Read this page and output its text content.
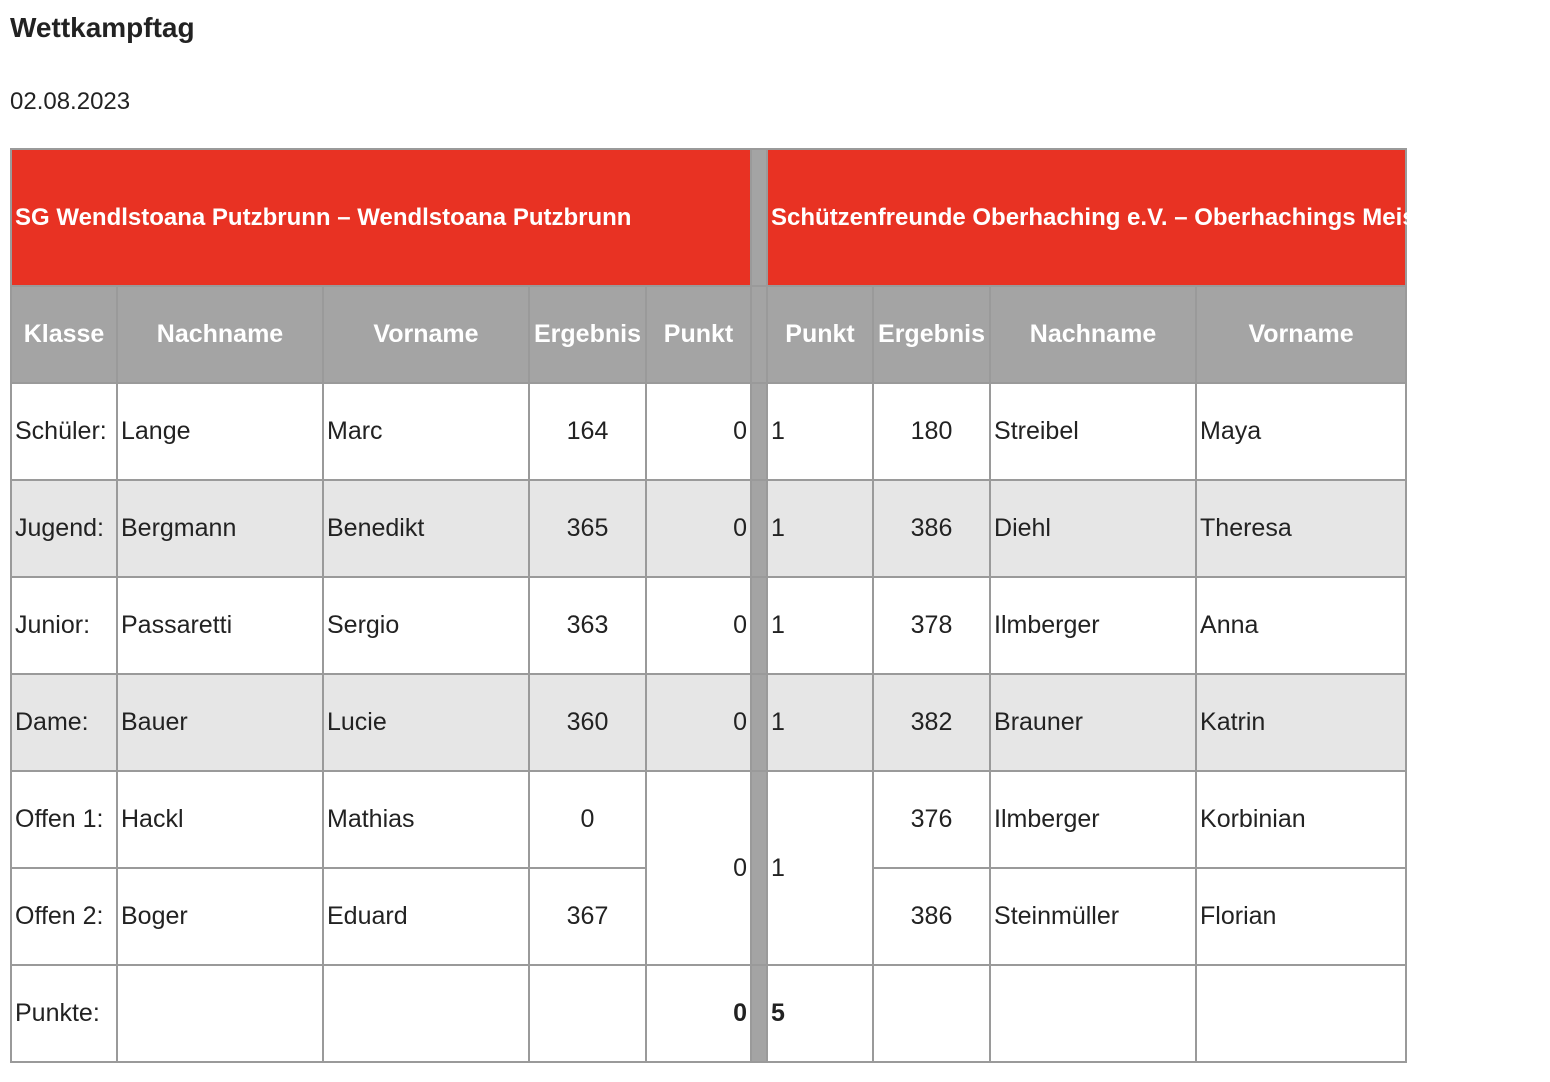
Wettkampftag

02.08.2023

SG Wendlstoana Putzbrunn – Wendlstoana Putzbrunn						Schützenfreunde Oberhaching e.V. – Oberhachings Meisterschützen			
Klasse	Nachname	Vorname	Ergebnis	Punkt		Punkt	Ergebnis	Nachname	Vorname
Schüler:	Lange	Marc	164	0		1	180	Streibel	Maya
Jugend:	Bergmann	Benedikt	365	0		1	386	Diehl	Theresa
Junior:	Passaretti	Sergio	363	0		1	378	Ilmberger	Anna
Dame:	Bauer	Lucie	360	0		1	382	Brauner	Katrin
Offen 1:	Hackl	Mathias	0	0		1	376	Ilmberger	Korbinian
Offen 2:	Boger	Eduard	367				386	Steinmüller	Florian
Punkte:				0		5			
